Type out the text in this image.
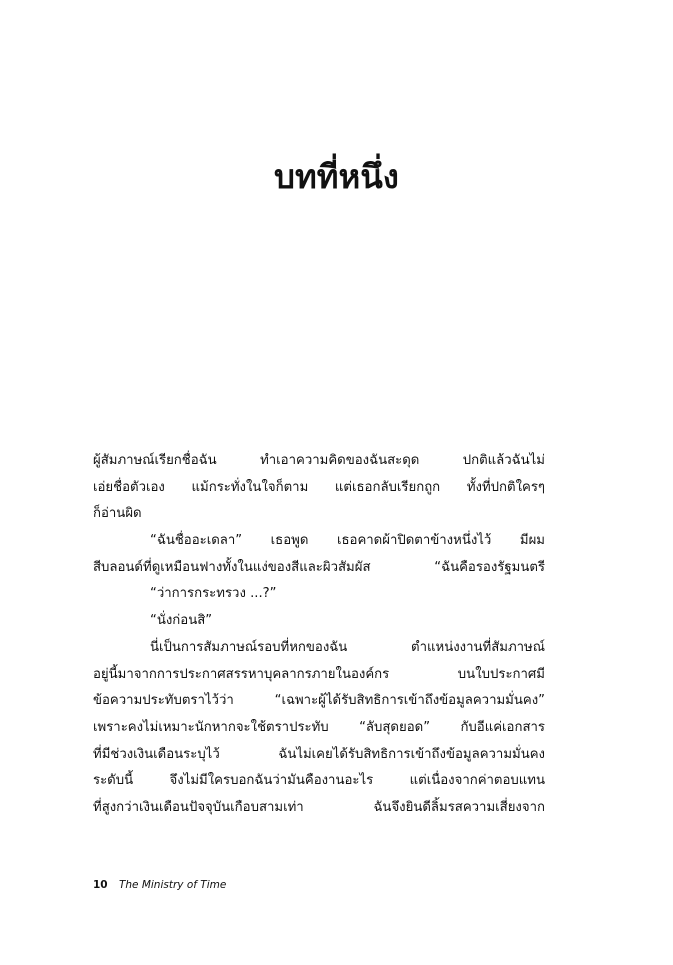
บทที่หนึ่ง
ผู้สัมภาษณ์เรียกชื่อฉัน ทำเอาความคิดของฉันสะดุด ปกติแล้วฉันไม่
เอ่ยชื่อตัวเอง แม้กระทั่งในใจก็ตาม แต่เธอกลับเรียกถูก ทั้งที่ปกติใครๆ
ก็อ่านผิด
“ฉันชื่ออะเดลา” เธอพูด เธอคาดผ้าปิดตาข้างหนึ่งไว้ มีผม
สีบลอนด์ที่ดูเหมือนฟางทั้งในแง่ของสีและผิวสัมผัส “ฉันคือรองรัฐมนตรี
“ว่าการกระทรวง ...?”
“นั่งก่อนสิ”
นี่เป็นการสัมภาษณ์รอบที่หกของฉัน ตำแหน่งงานที่สัมภาษณ์
อยู่นี้มาจากการประกาศสรรหาบุคลากรภายในองค์กร บนใบประกาศมี
ข้อความประทับตราไว้ว่า “เฉพาะผู้ได้รับสิทธิการเข้าถึงข้อมูลความมั่นคง”
เพราะคงไม่เหมาะนักหากจะใช้ตราประทับ “ลับสุดยอด” กับอีแค่เอกสาร
ที่มีช่วงเงินเดือนระบุไว้ ฉันไม่เคยได้รับสิทธิการเข้าถึงข้อมูลความมั่นคง
ระดับนี้ จึงไม่มีใครบอกฉันว่ามันคืองานอะไร แต่เนื่องจากค่าตอบแทน
ที่สูงกว่าเงินเดือนปัจจุบันเกือบสามเท่า ฉันจึงยินดีลิ้มรสความเสี่ยงจาก
10 The Ministry of Time
